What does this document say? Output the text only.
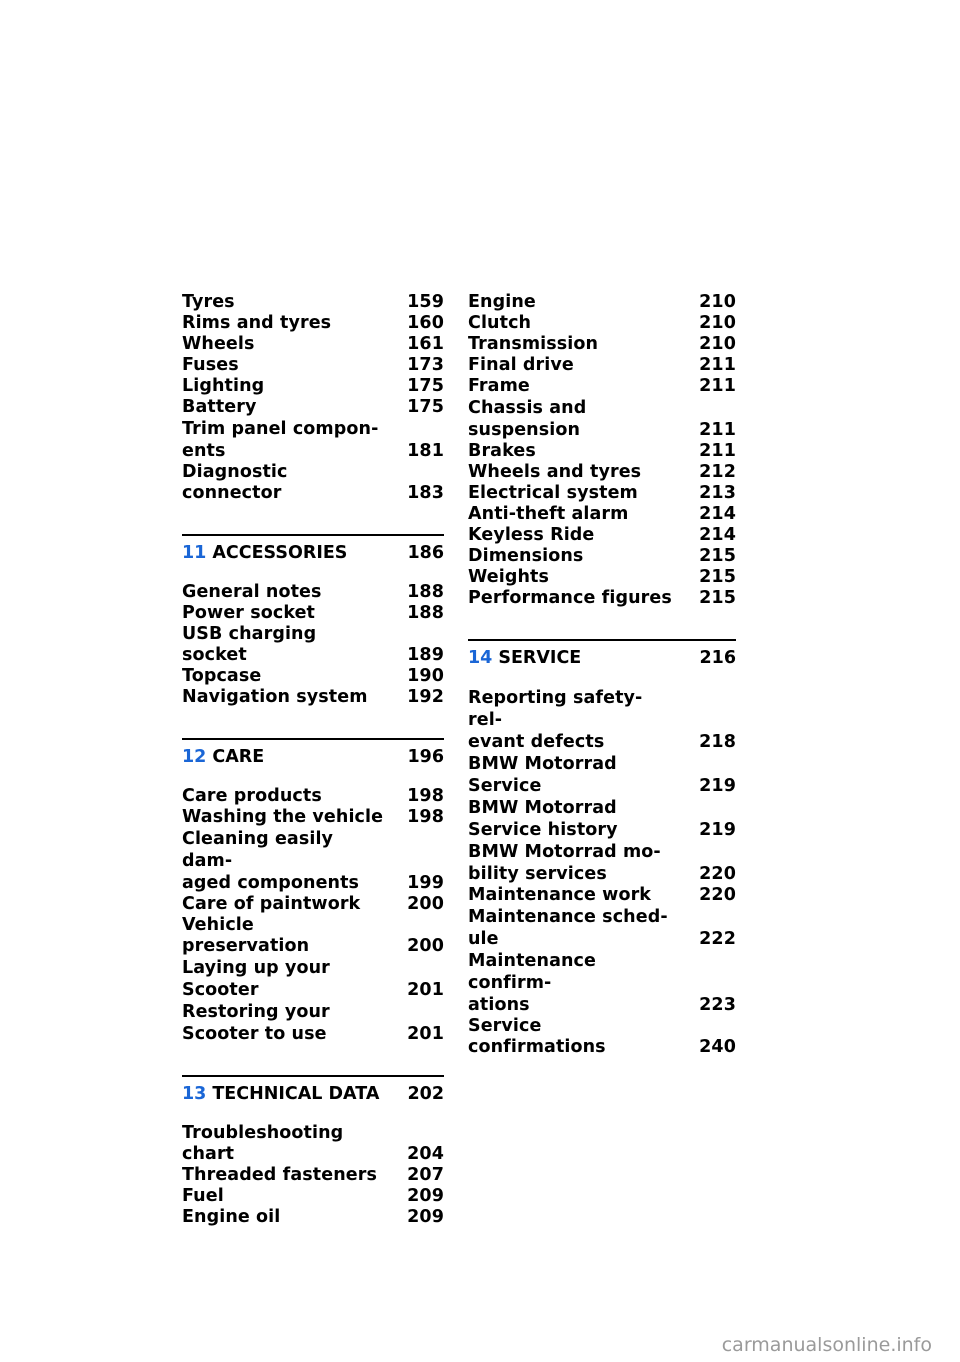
Tyres	159
Rims and tyres	160
Wheels	161
Fuses	173
Lighting	175
Battery	175
Trim panel compon-
ents	181
Diagnostic connector	183
11 ACCESSORIES	186
General notes	188
Power socket	188
USB charging socket	189
Topcase	190
Navigation system 192
12 CARE	196
Care products	198
Washing the vehicle 198
Cleaning easily dam-
aged components	199
Care of paintwork	200
Vehicle preservation	200
Laying up your
Scooter	201
Restoring your
Scooter to use	201
13 TECHNICAL DATA 202
Troubleshooting chart	204
Threaded fasteners 207
Fuel	209
Engine oil	209
Engine	210
Clutch	210
Transmission	210
Final drive	211
Frame	211
Chassis and
suspension	211
Brakes	211
Wheels and tyres	212
Electrical system	213
Anti-theft alarm	214
Keyless Ride	214
Dimensions	215
Weights	215
Performance figures 215
14 SERVICE	216
Reporting safety-rel-
evant defects	218
BMW Motorrad
Service	219
BMW Motorrad
Service history	219
BMW Motorrad mo-
bility services	220
Maintenance work	220
Maintenance sched-
ule	222
Maintenance confirm-
ations	223
Service confirmations	240
carmanualsonline.info
